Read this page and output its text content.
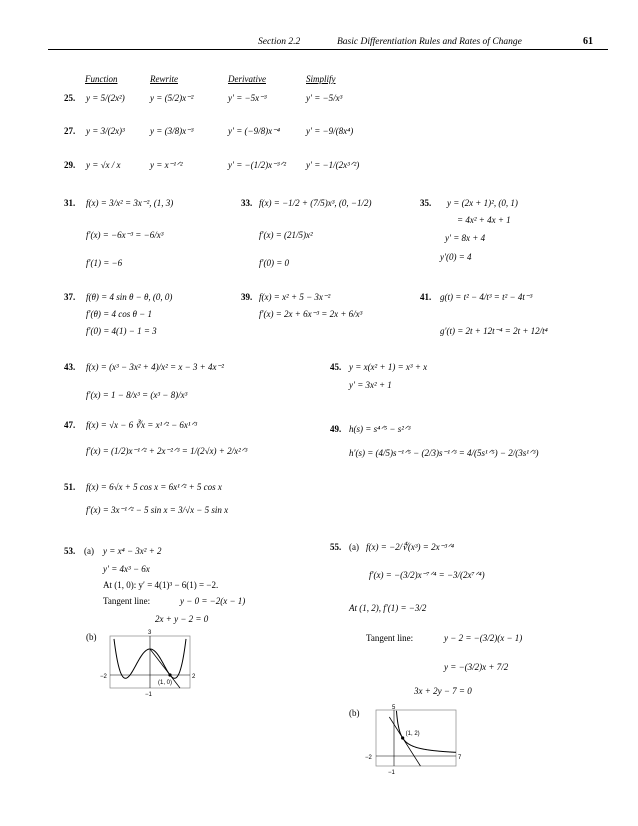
Section 2.2	Basic Differentiation Rules and Rates of Change	61
Function	Rewrite	Derivative	Simplify
25. y = 5/(2x²)	y = (5/2)x⁻²	y′ = −5x⁻³	y′ = −5/x³
27. y = 3/(2x)³	y = (3/8)x⁻³	y′ = (−9/8)x⁻⁴	y′ = −9/(8x⁴)
29. y = √x / x	y = x⁻¹ᐟ²	y′ = −(1/2)x⁻³ᐟ² y′ = −1/(2x³ᐟ²)
31. f(x) = 3/x² = 3x⁻², (1, 3)
f′(x) = −6x⁻³ = −6/x³
f′(1) = −6
33. f(x) = −1/2 + (7/5)x³, (0, −1/2)
f′(x) = (21/5)x²
f′(0) = 0
35. y = (2x + 1)², (0, 1)
= 4x² + 4x + 1
y′ = 8x + 4
y′(0) = 4
37. f(θ) = 4 sin θ − θ, (0, 0)
f′(θ) = 4 cos θ − 1
f′(0) = 4(1) − 1 = 3
39. f(x) = x² + 5 − 3x⁻²
f′(x) = 2x + 6x⁻³ = 2x + 6/x³
41. g(t) = t² − 4/t³ = t² − 4t⁻³
g′(t) = 2t + 12t⁻⁴ = 2t + 12/t⁴
43. f(x) = (x³ − 3x² + 4)/x² = x − 3 + 4x⁻²
f′(x) = 1 − 8/x³ = (x³ − 8)/x³
45. y = x(x² + 1) = x³ + x
y′ = 3x² + 1
47. f(x) = √x − 6 ∛x = x¹ᐟ² − 6x¹ᐟ³
f′(x) = (1/2)x⁻¹ᐟ² + 2x⁻²ᐟ³ = 1/(2√x) + 2/x²ᐟ³
49. h(s) = s⁴ᐟ⁵ − s²ᐟ³
h′(s) = (4/5)s⁻¹ᐟ⁵ − (2/3)s⁻¹ᐟ³ = 4/(5s¹ᐟ⁵) − 2/(3s¹ᐟ³)
51. f(x) = 6√x + 5 cos x = 6x¹ᐟ² + 5 cos x
f′(x) = 3x⁻¹ᐟ² − 5 sin x = 3/√x − 5 sin x
53. (a) y = x⁴ − 3x² + 2
y′ = 4x³ − 6x
At (1, 0): y′ = 4(1)³ − 6(1) = −2.
Tangent line:	y − 0 = −2(x − 1)
2x + y − 2 = 0
(b)
55. (a) f(x) = −2/∜(x³) = 2x⁻³ᐟ⁴
f′(x) = −(3/2)x⁻⁷ᐟ⁴ = −3/(2x⁷ᐟ⁴)
At (1, 2), f′(1) = −3/2
Tangent line:	y − 2 = −(3/2)(x − 1)
y = −(3/2)x + 7/2
3x + 2y − 7 = 0
(b)
−2	2
−1
3
(1, 0)
−2	7
−1
5
(1, 2)
